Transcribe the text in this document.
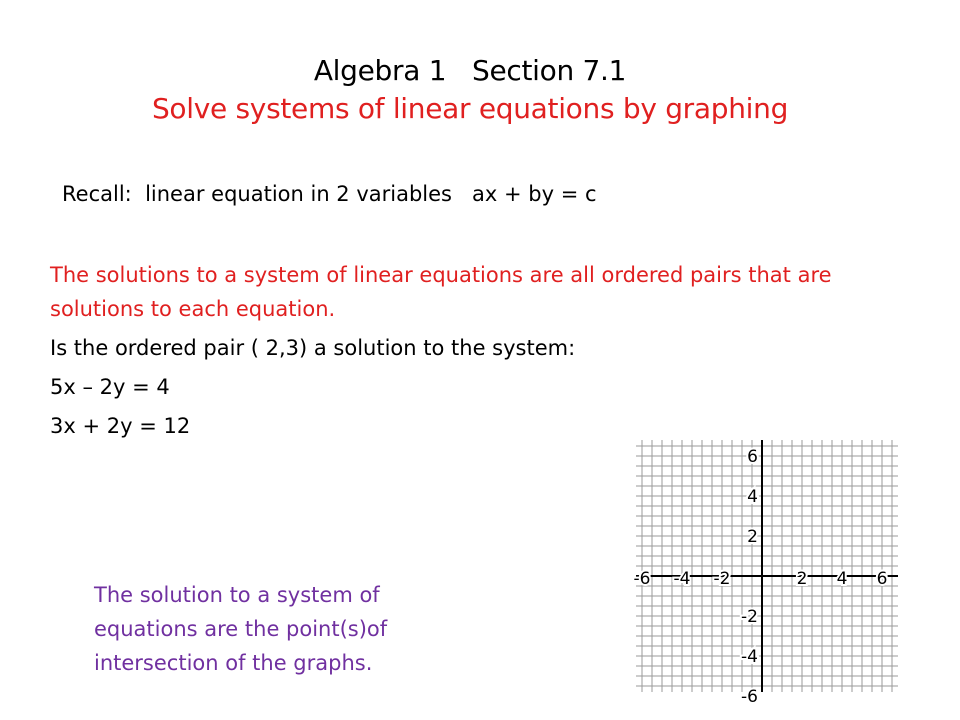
Algebra 1   Section 7.1
Solve systems of linear equations by graphing
Recall:  linear equation in 2 variables   ax + by = c
The solutions to a system of linear equations are all ordered pairs that are solutions to each equation.
Is the ordered pair ( 2,3) a solution to the system:
5x – 2y = 4
3x + 2y = 12
The solution to a system of equations are the point(s)of intersection of the graphs.
-6 -4 -2	2 4 6
6
4
2
-2
-4
-6
